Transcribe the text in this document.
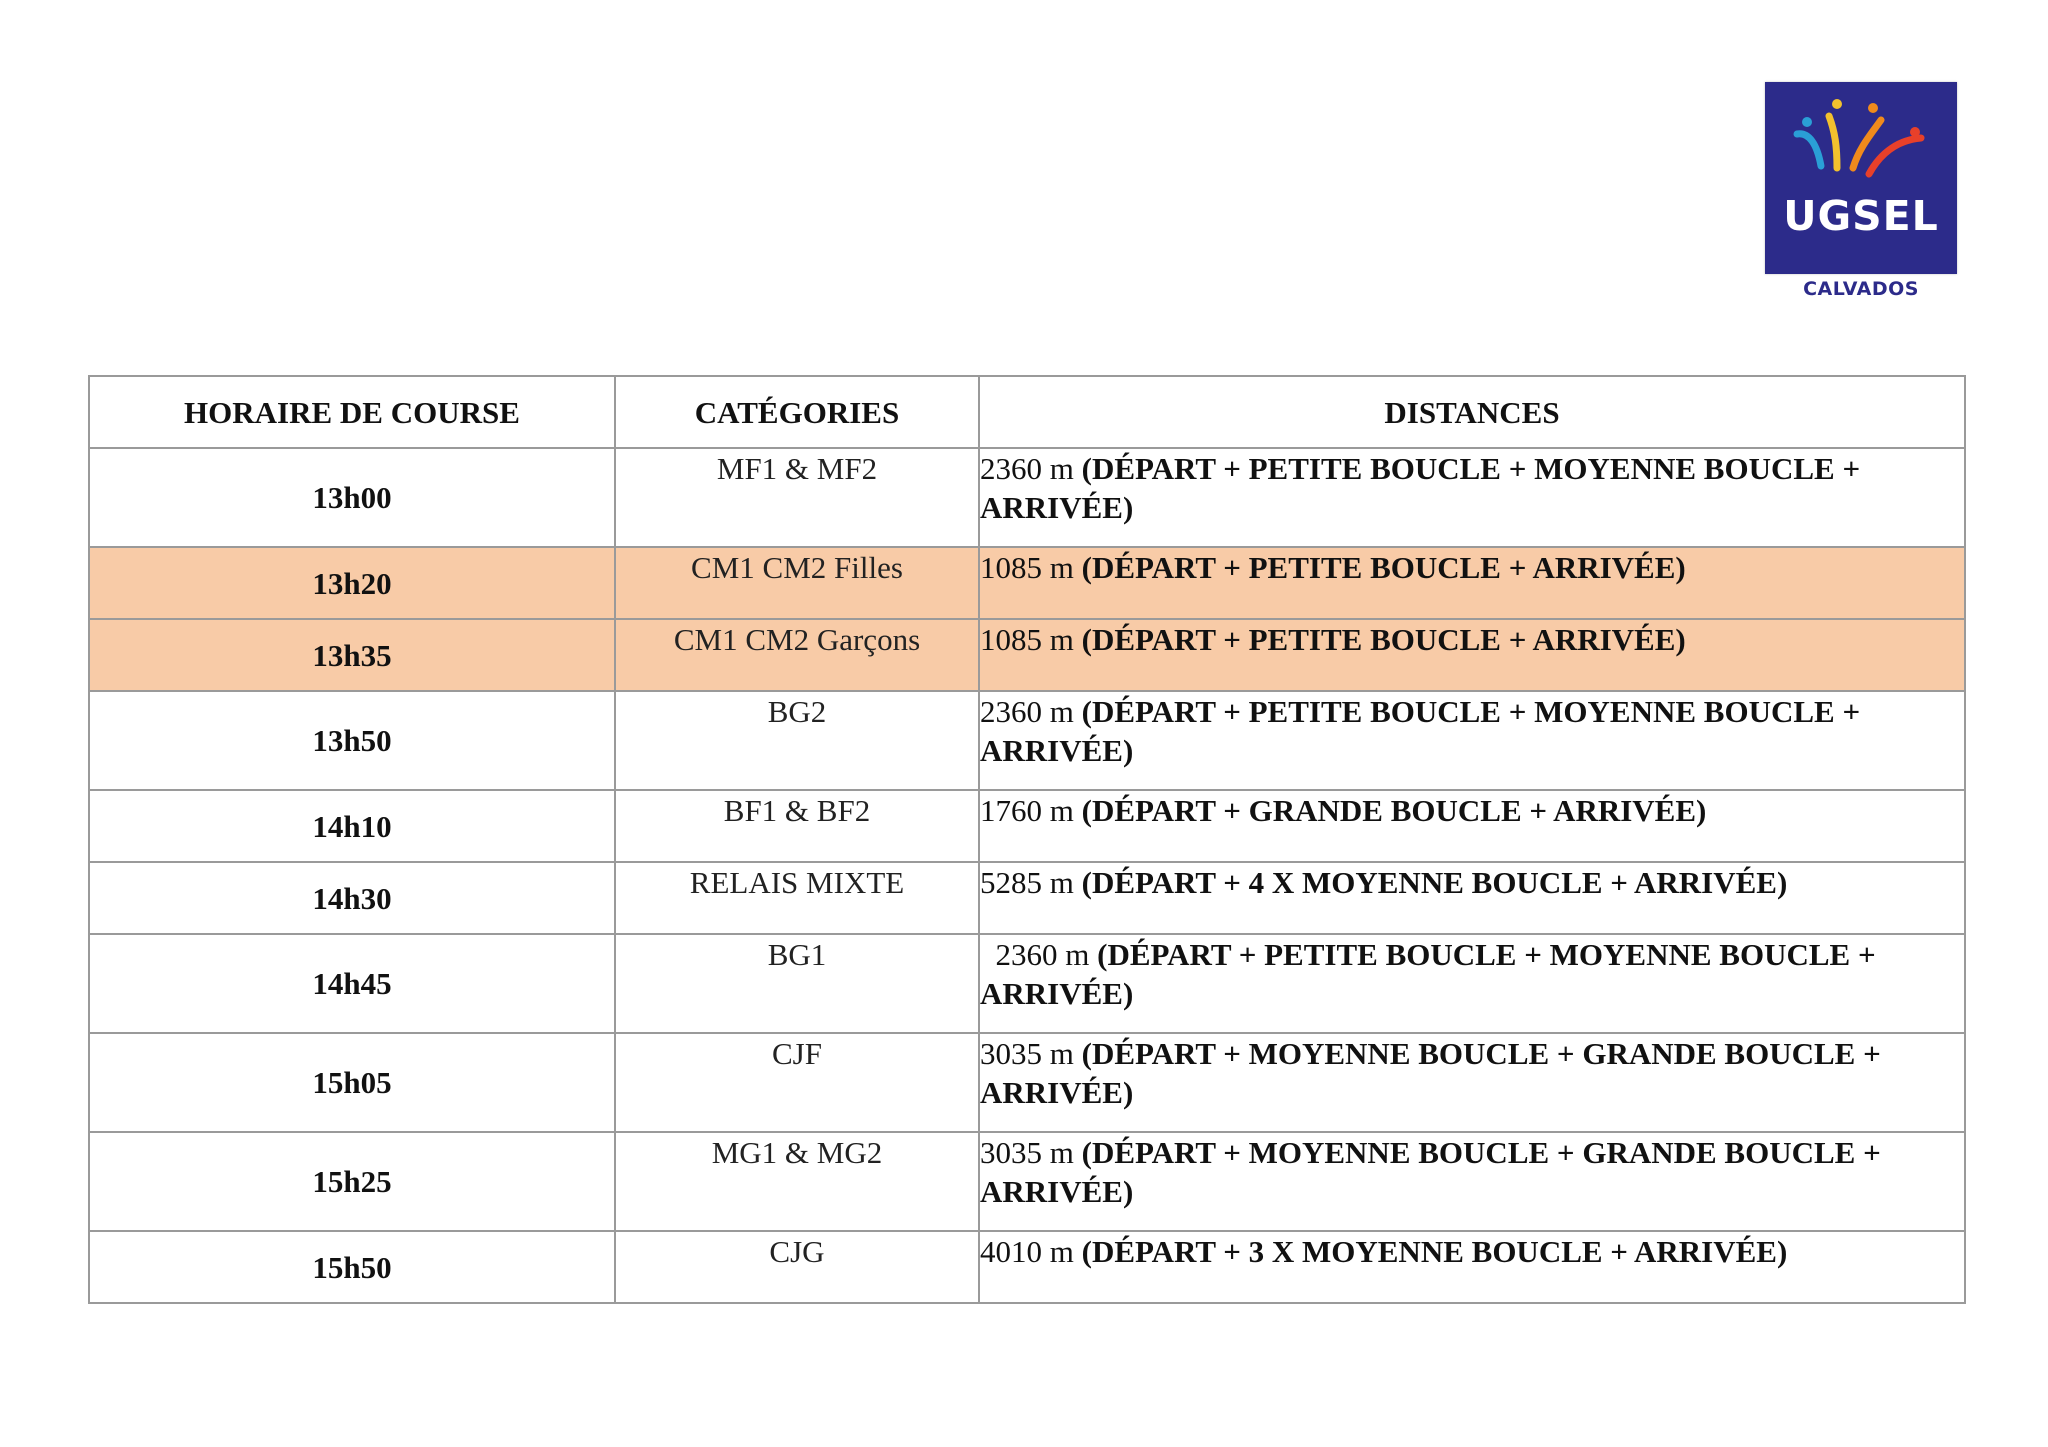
UGSEL
CALVADOS
HORAIRE DE COURSE	CATÉGORIES	DISTANCES
13h00	MF1 & MF2	2360 m (DÉPART + PETITE BOUCLE + MOYENNE BOUCLE + ARRIVÉE)
13h20	CM1 CM2 Filles	1085 m (DÉPART + PETITE BOUCLE + ARRIVÉE)
13h35	CM1 CM2 Garçons	1085 m (DÉPART + PETITE BOUCLE + ARRIVÉE)
13h50	BG2	2360 m (DÉPART + PETITE BOUCLE + MOYENNE BOUCLE + ARRIVÉE)
14h10	BF1 & BF2	1760 m (DÉPART + GRANDE BOUCLE + ARRIVÉE)
14h30	RELAIS MIXTE	5285 m (DÉPART + 4 X MOYENNE BOUCLE + ARRIVÉE)
14h45	BG1	2360 m (DÉPART + PETITE BOUCLE + MOYENNE BOUCLE + ARRIVÉE)
15h05	CJF	3035 m (DÉPART + MOYENNE BOUCLE + GRANDE BOUCLE + ARRIVÉE)
15h25	MG1 & MG2	3035 m (DÉPART + MOYENNE BOUCLE + GRANDE BOUCLE + ARRIVÉE)
15h50	CJG	4010 m (DÉPART + 3 X MOYENNE BOUCLE + ARRIVÉE)
